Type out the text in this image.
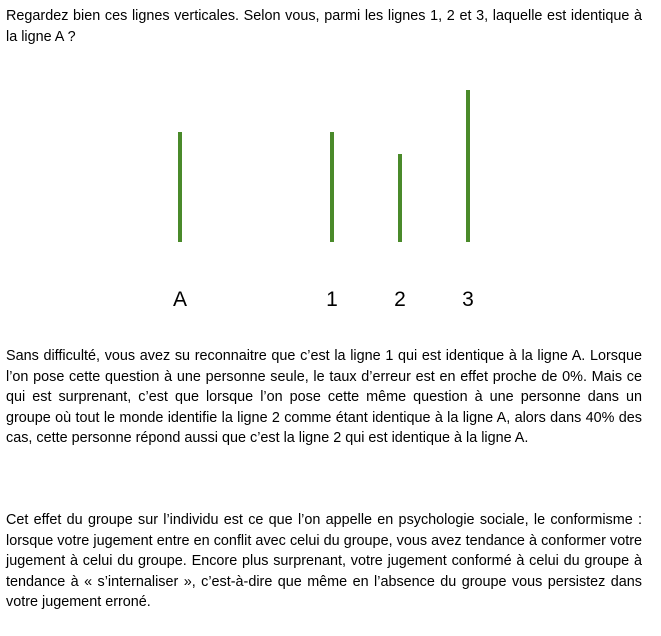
Regardez bien ces lignes verticales. Selon vous, parmi les lignes 1, 2 et 3, laquelle est identique à la ligne A ?

A	1	2	3

Sans difficulté, vous avez su reconnaitre que c’est la ligne 1 qui est identique à la ligne A. Lorsque l’on pose cette question à une personne seule, le taux d’erreur est en effet proche de 0%. Mais ce qui est surprenant, c’est que lorsque l’on pose cette même question à une personne dans un groupe où tout le monde identifie la ligne 2 comme étant identique à la ligne A, alors dans 40% des cas, cette personne répond aussi que c’est la ligne 2 qui est identique à la ligne A.

Cet effet du groupe sur l’individu est ce que l’on appelle en psychologie sociale, le conformisme : lorsque votre jugement entre en conflit avec celui du groupe, vous avez tendance à conformer votre jugement à celui du groupe. Encore plus surprenant, votre jugement conformé à celui du groupe à tendance à « s’internaliser », c’est-à-dire que même en l’absence du groupe vous persistez dans votre jugement erroné.
